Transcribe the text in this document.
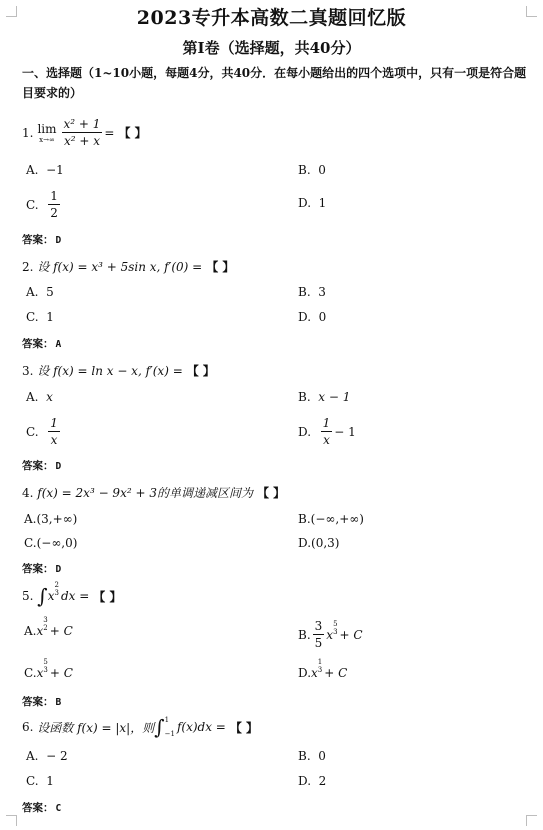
2023专升本高数二真题回忆版
第Ⅰ卷（选择题，共40分）
一、选择题（1~10小题，每题4分，共40分．在每小题给出的四个选项中，只有一项是符合题目要求的）
1. lim
$x\to\infty \frac{\text{x² + 1}}{\text{x² + x}}$ = 【 】
A.
−1	B.
0
C.
$\frac{1}{2}$	D.
1
答案： D
2.
设 f(x) = x³ + 5sin x, f′(0) = 【 】
A.
5	B.
3
C.
1	D.
0
答案： A
3.
设 f(x) = ln x − x, f′(x) = 【 】
A.
x	B.
x − 1
C.
$\frac{1}{x}$	D.
$\frac{1}{x} - 1$
答案： D
4.
f(x) = 2x³ − 9x² + 3的单调递减区间为 【 】
A. (3,+∞)	B. (−∞,+∞)
C. (−∞,0)	D. (0,3)
答案： D
5.
∫ x
2
3 dx = 【 】
A. x
3
2 + C	B. $\frac{3}{5}$ x
5
3 + C
C. x
5
3 + C	D. x
1
3 + C
答案： B
6.
设函数 f(x) = |x|，则 ∫ 1
−1 f(x)dx = 【 】
A.
− 2	B.
0
C.
1	D.
2
答案： C
